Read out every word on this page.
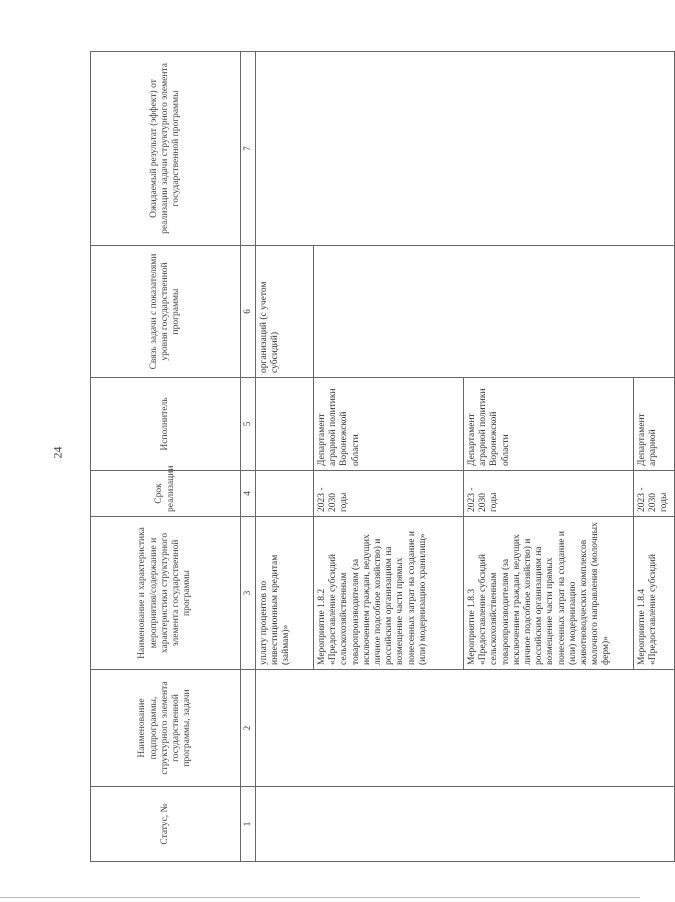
24
Статус, №	Наименование подпрограммы, структурного элемента государственной программы, задачи	Наименование и характеристика мероприятия/содержание и характеристики структурного элемента государственной программы	Срок реализации	Исполнитель	Связь задачи с показателями уровня государственной программы	Ожидаемый результат (эффект) от реализации задачи структурного элемента государственной программы
1	2	3	4	5	6	7
		уплату процентов по инвестиционным кредитам (займам)»			организаций (с учетом субсидий)	
		Мероприятие 1.8.2 «Предоставление субсидий сельскохозяйственным товаропроизводителям (за исключением граждан, ведущих личное подсобное хозяйство) и российским организациям на возмещение части прямых понесенных затрат на создание и (или) модернизацию хранилищ»	2023 - 2030 годы	Департамент аграрной политики Воронежской области		
		Мероприятие 1.8.3 «Предоставление субсидий сельскохозяйственным товаропроизводителям (за исключением граждан, ведущих личное подсобное хозяйство) и российским организациям на возмещение части прямых понесенных затрат на создание и (или) модернизацию животноводческих комплексов молочного направления (молочных ферм)»	2023 - 2030 годы	Департамент аграрной политики Воронежской области		
		Мероприятие 1.8.4 «Предоставление субсидий	2023 - 2030 годы	Департамент аграрной		
